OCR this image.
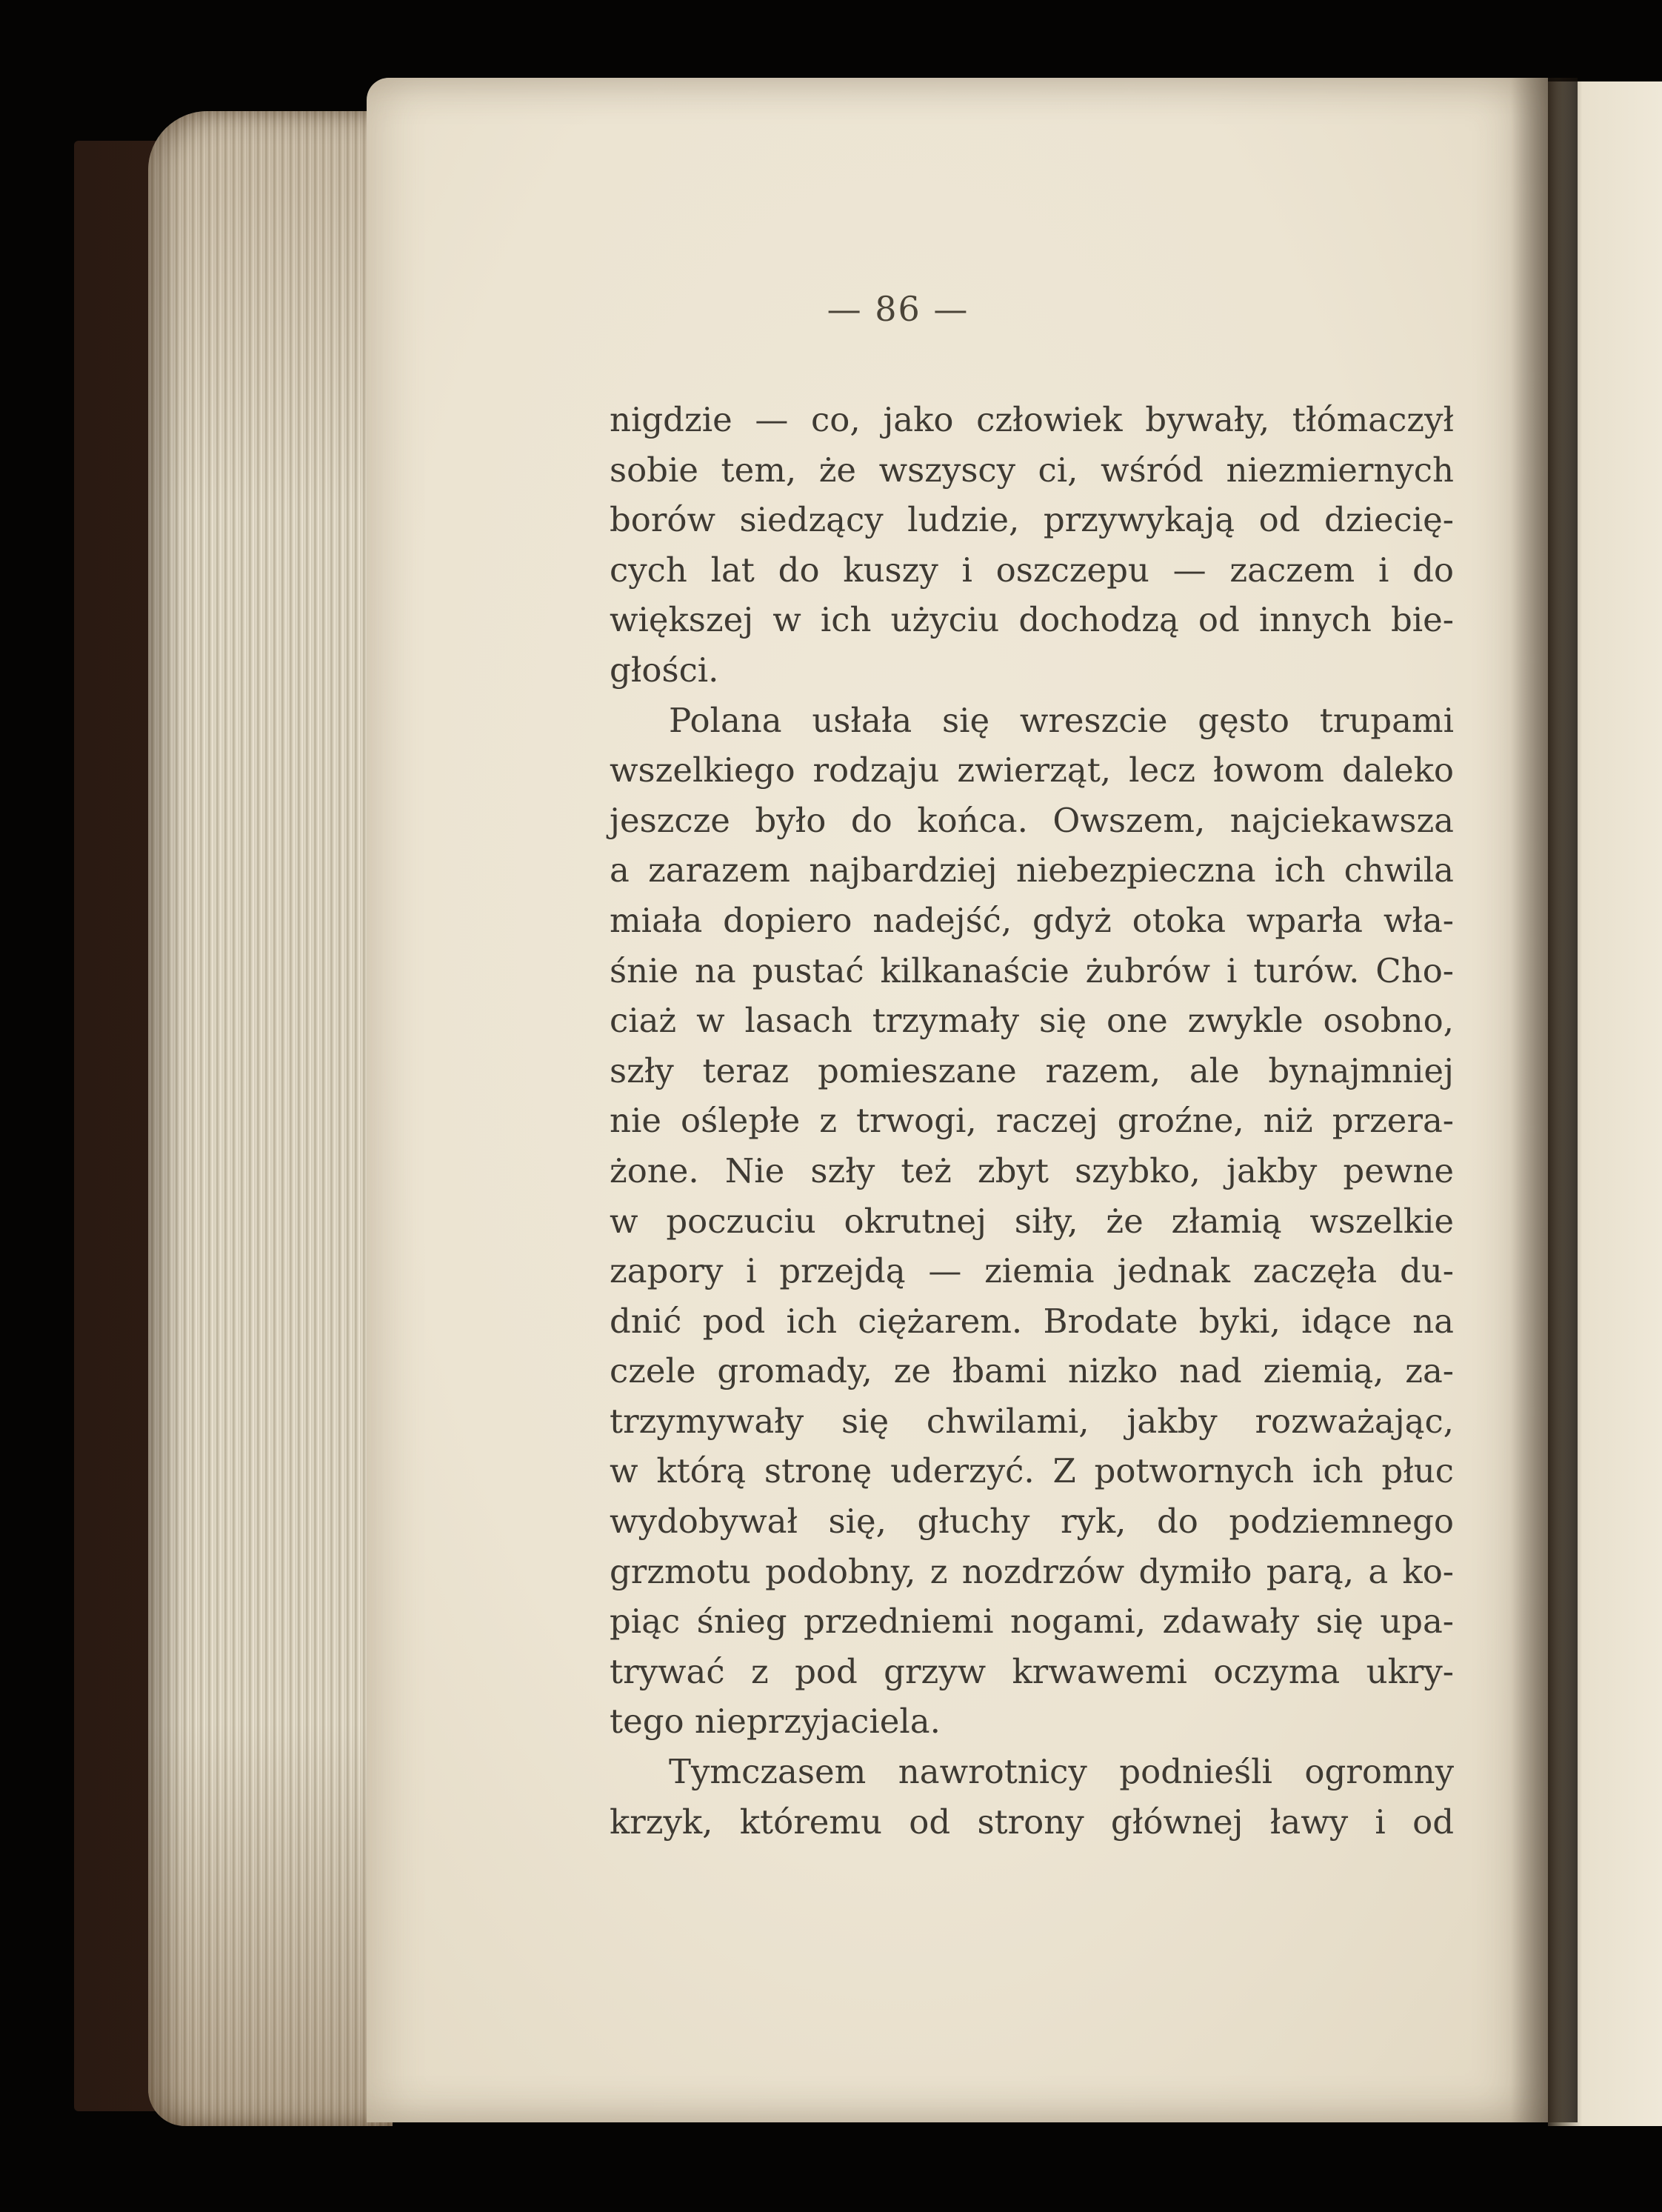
— 86 —
nigdzie — co, jako człowiek bywały, tłómaczył
sobie tem, że wszyscy ci, wśród niezmiernych
borów siedzący ludzie, przywykają od dziecię-
cych lat do kuszy i oszczepu — zaczem i do
większej w ich użyciu dochodzą od innych bie-
głości.
Polana usłała się wreszcie gęsto trupami
wszelkiego rodzaju zwierząt, lecz łowom daleko
jeszcze było do końca. Owszem, najciekawsza
a zarazem najbardziej niebezpieczna ich chwila
miała dopiero nadejść, gdyż otoka wparła wła-
śnie na pustać kilkanaście żubrów i turów. Cho-
ciaż w lasach trzymały się one zwykle osobno,
szły teraz pomieszane razem, ale bynajmniej
nie oślepłe z trwogi, raczej groźne, niż przera-
żone. Nie szły też zbyt szybko, jakby pewne
w poczuciu okrutnej siły, że złamią wszelkie
zapory i przejdą — ziemia jednak zaczęła du-
dnić pod ich ciężarem. Brodate byki, idące na
czele gromady, ze łbami nizko nad ziemią, za-
trzymywały się chwilami, jakby rozważając,
w którą stronę uderzyć. Z potwornych ich płuc
wydobywał się, głuchy ryk, do podziemnego
grzmotu podobny, z nozdrzów dymiło parą, a ko-
piąc śnieg przedniemi nogami, zdawały się upa-
trywać z pod grzyw krwawemi oczyma ukry-
tego nieprzyjaciela.
Tymczasem nawrotnicy podnieśli ogromny
krzyk, któremu od strony głównej ławy i od
